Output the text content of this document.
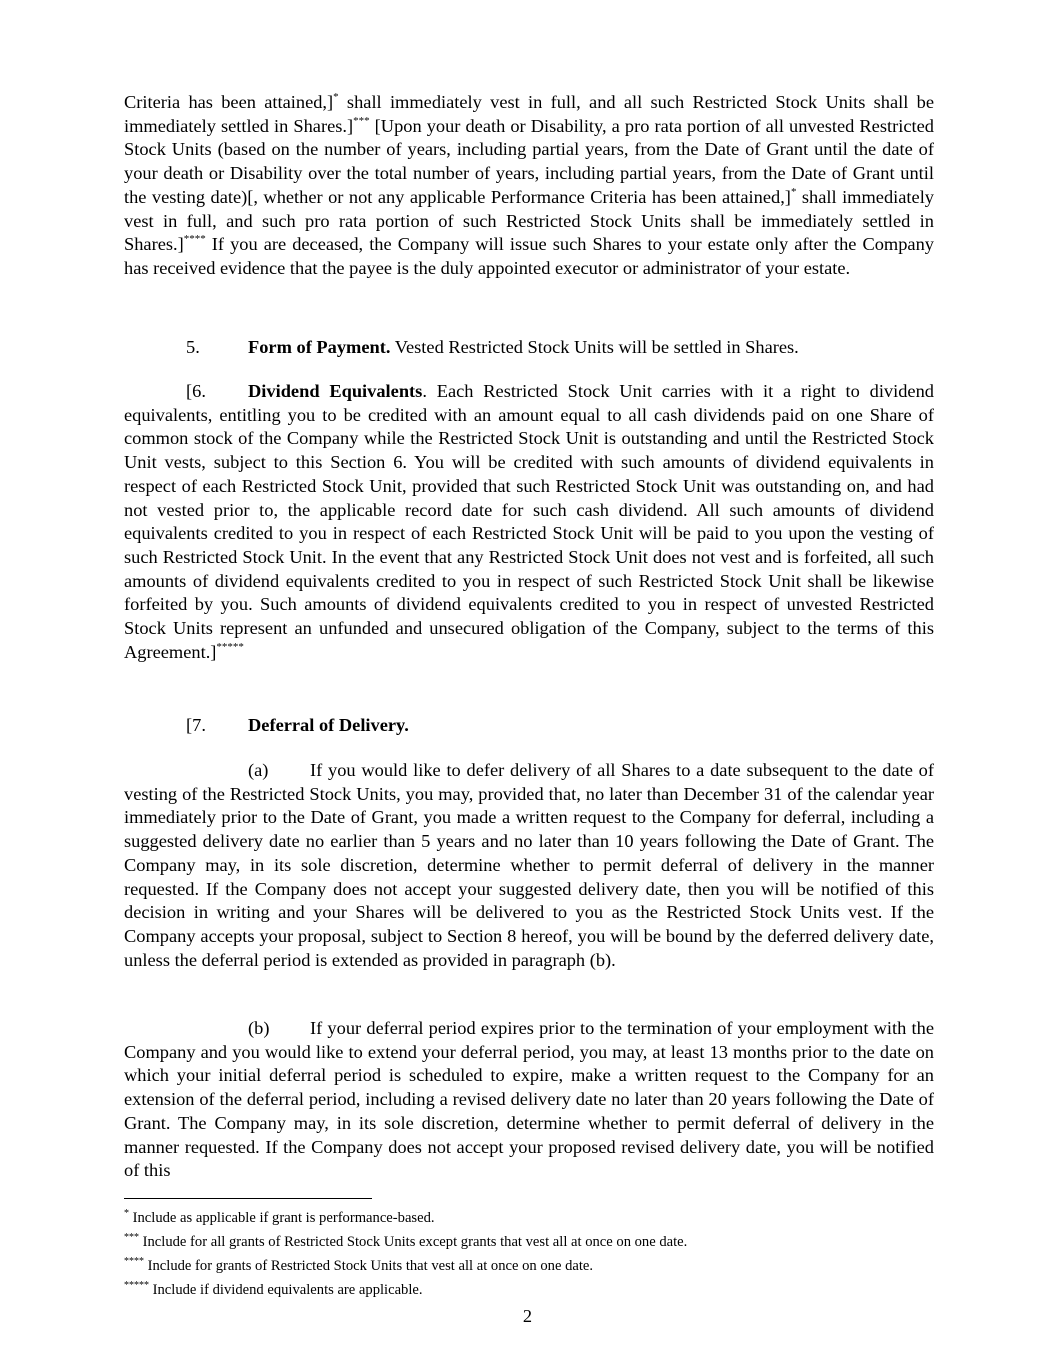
Criteria has been attained,]* shall immediately vest in full, and all such Restricted Stock Units shall be immediately settled in Shares.]*** [Upon your death or Disability, a pro rata portion of all unvested Restricted Stock Units (based on the number of years, including partial years, from the Date of Grant until the date of your death or Disability over the total number of years, including partial years, from the Date of Grant until the vesting date)[, whether or not any applicable Performance Criteria has been attained,]* shall immediately vest in full, and such pro rata portion of such Restricted Stock Units shall be immediately settled in Shares.]**** If you are deceased, the Company will issue such Shares to your estate only after the Company has received evidence that the payee is the duly appointed executor or administrator of your estate.

5.	Form of Payment. Vested Restricted Stock Units will be settled in Shares.

[6. Dividend Equivalents. Each Restricted Stock Unit carries with it a right to dividend equivalents, entitling you to be credited with an amount equal to all cash dividends paid on one Share of common stock of the Company while the Restricted Stock Unit is outstanding and until the Restricted Stock Unit vests, subject to this Section 6. You will be credited with such amounts of dividend equivalents in respect of each Restricted Stock Unit, provided that such Restricted Stock Unit was outstanding on, and had not vested prior to, the applicable record date for such cash dividend. All such amounts of dividend equivalents credited to you in respect of each Restricted Stock Unit will be paid to you upon the vesting of such Restricted Stock Unit. In the event that any Restricted Stock Unit does not vest and is forfeited, all such amounts of dividend equivalents credited to you in respect of such Restricted Stock Unit shall be likewise forfeited by you. Such amounts of dividend equivalents credited to you in respect of unvested Restricted Stock Units represent an unfunded and unsecured obligation of the Company, subject to the terms of this Agreement.]*****

[7. Deferral of Delivery.

(a) If you would like to defer delivery of all Shares to a date subsequent to the date of vesting of the Restricted Stock Units, you may, provided that, no later than December 31 of the calendar year immediately prior to the Date of Grant, you made a written request to the Company for deferral, including a suggested delivery date no earlier than 5 years and no later than 10 years following the Date of Grant. The Company may, in its sole discretion, determine whether to permit deferral of delivery in the manner requested. If the Company does not accept your suggested delivery date, then you will be notified of this decision in writing and your Shares will be delivered to you as the Restricted Stock Units vest. If the Company accepts your proposal, subject to Section 8 hereof, you will be bound by the deferred delivery date, unless the deferral period is extended as provided in paragraph (b).

(b) If your deferral period expires prior to the termination of your employment with the Company and you would like to extend your deferral period, you may, at least 13 months prior to the date on which your initial deferral period is scheduled to expire, make a written request to the Company for an extension of the deferral period, including a revised delivery date no later than 20 years following the Date of Grant. The Company may, in its sole discretion, determine whether to permit deferral of delivery in the manner requested. If the Company does not accept your proposed revised delivery date, you will be notified of this

* Include as applicable if grant is performance-based.
*** Include for all grants of Restricted Stock Units except grants that vest all at once on one date.
**** Include for grants of Restricted Stock Units that vest all at once on one date.
***** Include if dividend equivalents are applicable.
2
